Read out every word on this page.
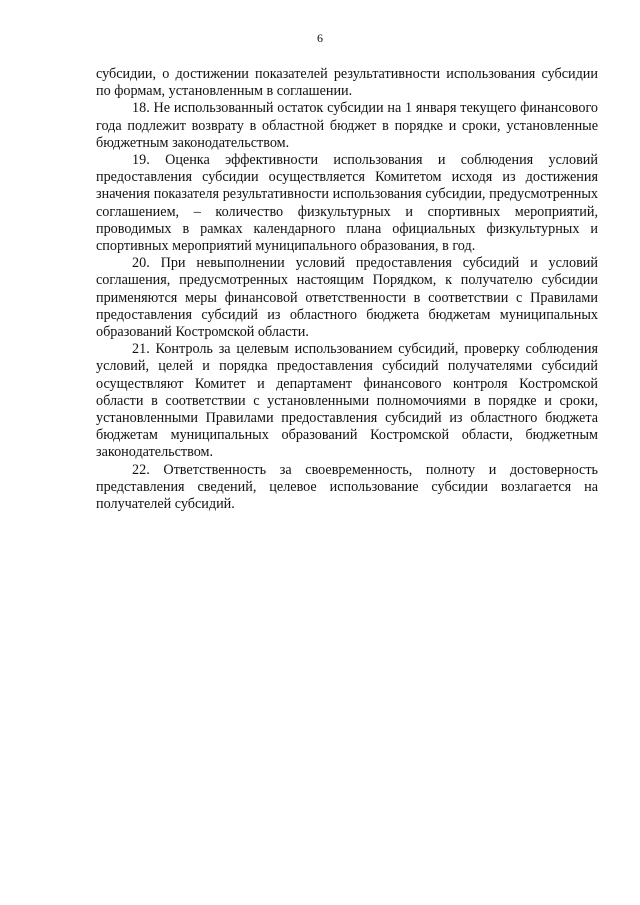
6

субсидии, о достижении показателей результативности использования субсидии по формам, установленным в соглашении.

18. Не использованный остаток субсидии на 1 января текущего финансового года подлежит возврату в областной бюджет в порядке и сроки, установленные бюджетным законодательством.

19. Оценка эффективности использования и соблюдения условий предоставления субсидии осуществляется Комитетом исходя из достижения значения показателя результативности использования субсидии, предусмотренных соглашением, – количество физкультурных и спортивных мероприятий, проводимых в рамках календарного плана официальных физкультурных и спортивных мероприятий муниципального образования, в год.

20. При невыполнении условий предоставления субсидий и условий соглашения, предусмотренных настоящим Порядком, к получателю субсидии применяются меры финансовой ответственности в соответствии с Правилами предоставления субсидий из областного бюджета бюджетам муниципальных образований Костромской области.

21. Контроль за целевым использованием субсидий, проверку соблюдения условий, целей и порядка предоставления субсидий получателями субсидий осуществляют Комитет и департамент финансового контроля Костромской области в соответствии с установленными полномочиями в порядке и сроки, установленными Правилами предоставления субсидий из областного бюджета бюджетам муниципальных образований Костромской области, бюджетным законодательством.

22. Ответственность за своевременность, полноту и достоверность представления сведений, целевое использование субсидии возлагается на получателей субсидий.
